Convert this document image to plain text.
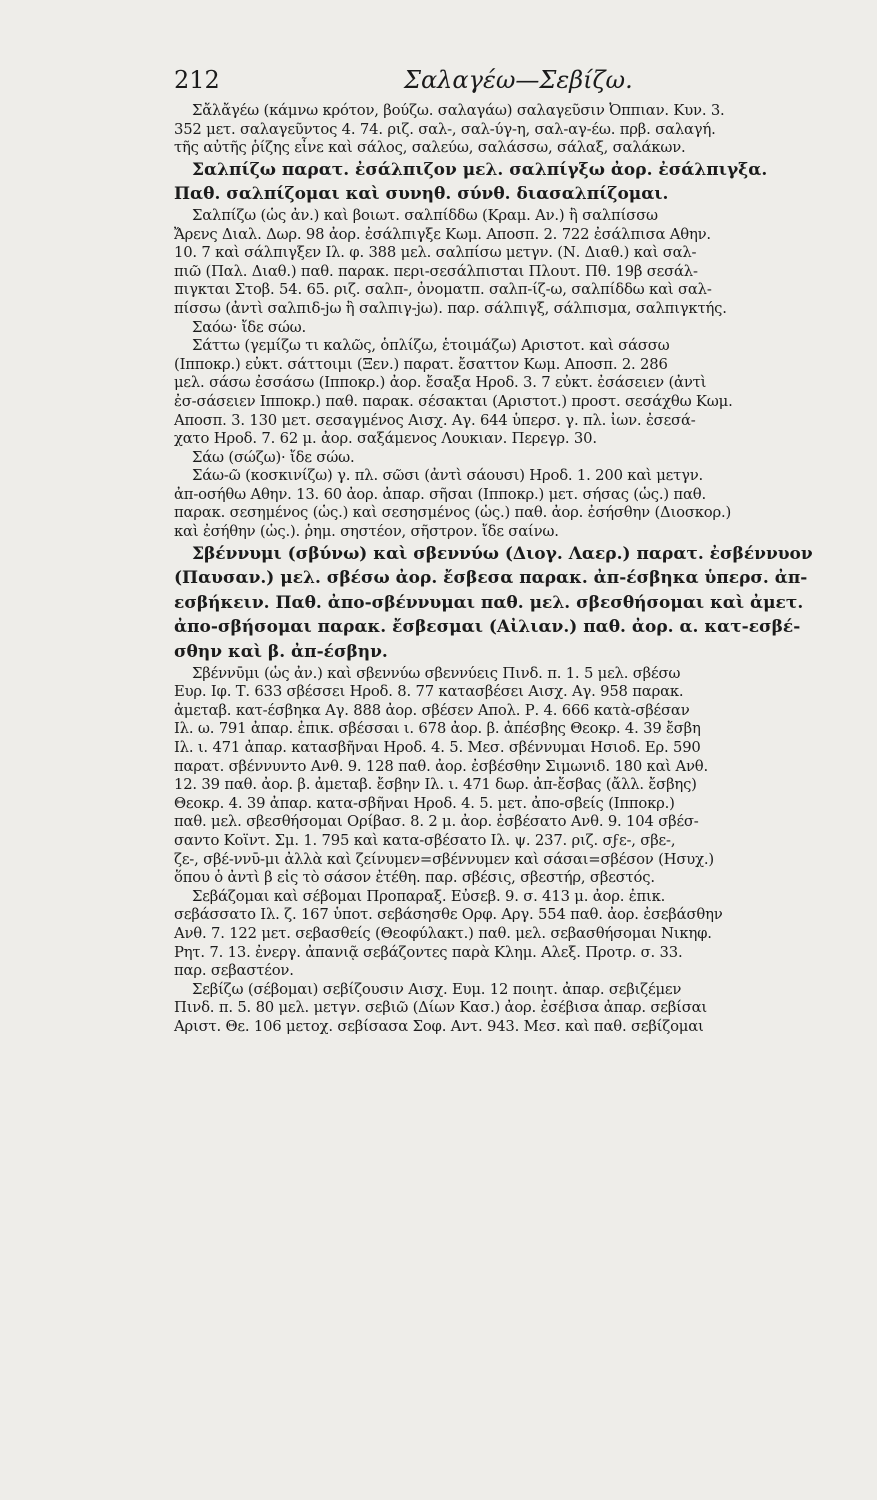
212	Σαλαγέω—Σεβίζω.
Σἄλἄγέω (κάμνω κρότον, βούζω. σαλαγάω) σαλαγεῦσιν Ὀππιαν. Κυν. 3.
352 μετ. σαλαγεῦντος 4. 74. ριζ. σαλ-, σαλ-ύγ-η, σαλ-αγ-έω. πρβ. σαλαγή.
τῆς αὐτῆς ῥίζης εἶνε καὶ σάλος, σαλεύω, σαλάσσω, σάλαξ, σαλάκων.
Σαλπίζω παρατ. ἐσάλπιζον μελ. σαλπίγξω ἀορ. ἐσάλπιγξα.
Παθ. σαλπίζομαι καὶ συνηθ. σύνθ. διασαλπίζομαι.
Σαλπίζω (ὡς ἀν.) καὶ βοιωτ. σαλπίδδω (Κραμ. Αν.) ἢ σαλπίσσω
Ἄρενς Διαλ. Δωρ. 98 ἀορ. ἐσάλπιγξε Κωμ. Αποσπ. 2. 722 ἐσάλπισα Αθην.
10. 7 καὶ σάλπιγξεν Ιλ. φ. 388 μελ. σαλπίσω μετγν. (Ν. Διαθ.) καὶ σαλ-
πιῶ (Παλ. Διαθ.) παθ. παρακ. περι-σεσάλπισται Πλουτ. Πθ. 19β σεσάλ-
πιγκται Στοβ. 54. 65. ριζ. σαλπ-, ὀνοματπ. σαλπ-ίζ-ω, σαλπίδδω καὶ σαλ-
πίσσω (ἀντὶ σαλπιδ-jω ἢ σαλπιγ-jω). παρ. σάλπιγξ, σάλπισμα, σαλπιγκτής.
Σαόω· ἴδε σώω.
Σάττω (γεμίζω τι καλῶς, ὁπλίζω, ἑτοιμάζω) Αριστοτ. καὶ σάσσω
(Ιπποκρ.) εὐκτ. σάττοιμι (Ξεν.) παρατ. ἔσαττον Κωμ. Αποσπ. 2. 286
μελ. σάσω ἐσσάσω (Ιπποκρ.) ἀορ. ἔσαξα Ηροδ. 3. 7 εὐκτ. ἐσάσειεν (ἀντὶ
ἐσ-σάσειεν Ιπποκρ.) παθ. παρακ. σέσακται (Αριστοτ.) προστ. σεσάχθω Κωμ.
Αποσπ. 3. 130 μετ. σεσαγμένος Αισχ. Αγ. 644 ὑπερσ. γ. πλ. ἰων. ἐσεσά-
χατο Ηροδ. 7. 62 μ. ἀορ. σαξάμενος Λουκιαν. Περεγρ. 30.
Σάω (σώζω)· ἴδε σώω.
Σάω-ῶ (κοσκινίζω) γ. πλ. σῶσι (ἀντὶ σάουσι) Ηροδ. 1. 200 καὶ μετγν.
ἀπ-οσήθω Αθην. 13. 60 ἀορ. ἀπαρ. σῆσαι (Ιπποκρ.) μετ. σήσας (ὡς.) παθ.
παρακ. σεσημένος (ὡς.) καὶ σεσησμένος (ὡς.) παθ. ἀορ. ἐσήσθην (Διοσκορ.)
καὶ ἐσήθην (ὡς.). ῥημ. σηστέον, σῆστρον. ἴδε σαίνω.
Σβέννυμι (σβύνω) καὶ σβεννύω (Διογ. Λαερ.) παρατ. ἐσβέννυον
(Παυσαν.) μελ. σβέσω ἀορ. ἔσβεσα παρακ. ἀπ-έσβηκα ὑπερσ. ἀπ-
εσβήκειν. Παθ. ἀπο-σβέννυμαι παθ. μελ. σβεσθήσομαι καὶ ἀμετ.
ἀπο-σβήσομαι παρακ. ἔσβεσμαι (Αἰλιαν.) παθ. ἀορ. α. κατ-εσβέ-
σθην καὶ β. ἀπ-έσβην.
Σβέννῡμι (ὡς ἀν.) καὶ σβεννύω σβεννύεις Πινδ. π. 1. 5 μελ. σβέσω
Ευρ. Ιφ. Τ. 633 σβέσσει Ηροδ. 8. 77 κατασβέσει Αισχ. Αγ. 958 παρακ.
ἀμεταβ. κατ-έσβηκα Αγ. 888 ἀορ. σβέσεν Απολ. Ρ. 4. 666 κατὰ-σβέσαν
Ιλ. ω. 791 ἀπαρ. ἐπικ. σβέσσαι ι. 678 ἀορ. β. ἀπέσβης Θεοκρ. 4. 39 ἔσβη
Ιλ. ι. 471 ἀπαρ. κατασβῆναι Ηροδ. 4. 5. Μεσ. σβέννυμαι Ησιοδ. Ερ. 590
παρατ. σβέννυντο Ανθ. 9. 128 παθ. ἀορ. ἐσβέσθην Σιμωνιδ. 180 καὶ Ανθ.
12. 39 παθ. ἀορ. β. ἀμεταβ. ἔσβην Ιλ. ι. 471 δωρ. ἀπ-ἔσβας (ἄλλ. ἔσβης)
Θεοκρ. 4. 39 ἀπαρ. κατα-σβῆναι Ηροδ. 4. 5. μετ. ἀπο-σβείς (Ιπποκρ.)
παθ. μελ. σβεσθήσομαι Ορίβασ. 8. 2 μ. ἀορ. ἐσβέσατο Ανθ. 9. 104 σβέσ-
σαντο Κοϊντ. Σμ. 1. 795 καὶ κατα-σβέσατο Ιλ. ψ. 237. ριζ. σϝε-, σβε-,
ζε-, σβέ-ννῡ-μι ἀλλὰ καὶ ζείνυμεν=σβέννυμεν καὶ σάσαι=σβέσον (Ησυχ.)
ὅπου ὁ ἀντὶ β εἰς τὸ σάσον ἐτέθη. παρ. σβέσις, σβεστήρ, σβεστός.
Σεβάζομαι καὶ σέβομαι Προπαραξ. Εὐσεβ. 9. σ. 413 μ. ἀορ. ἐπικ.
σεβάσσατο Ιλ. ζ. 167 ὑποτ. σεβάσησθε Ορφ. Αργ. 554 παθ. ἀορ. ἐσεβάσθην
Ανθ. 7. 122 μετ. σεβασθείς (Θεοφύλακτ.) παθ. μελ. σεβασθήσομαι Νικηφ.
Ρητ. 7. 13. ἐνεργ. ἀπανιᾷ σεβάζοντες παρὰ Κλημ. Αλεξ. Προτρ. σ. 33.
παρ. σεβαστέον.
Σεβίζω (σέβομαι) σεβίζουσιν Αισχ. Ευμ. 12 ποιητ. ἀπαρ. σεβιζέμεν
Πινδ. π. 5. 80 μελ. μετγν. σεβιῶ (Δίων Κασ.) ἀορ. ἐσέβισα ἀπαρ. σεβίσαι
Αριστ. Θε. 106 μετοχ. σεβίσασα Σοφ. Αντ. 943. Μεσ. καὶ παθ. σεβίζομαι
